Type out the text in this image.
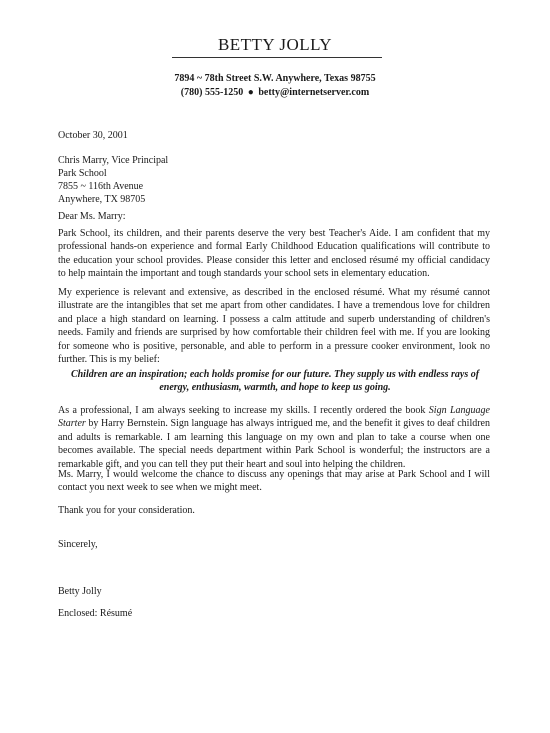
BETTY JOLLY
7894 ~ 78th Street S.W. Anywhere, Texas 98755
(780) 555-1250 ● betty@internetserver.com
October 30, 2001
Chris Marry, Vice Principal
Park School
7855 ~ 116th Avenue
Anywhere, TX 98705
Dear Ms. Marry:
Park School, its children, and their parents deserve the very best Teacher's Aide. I am confident that my professional hands-on experience and formal Early Childhood Education qualifications will contribute to the education your school provides. Please consider this letter and enclosed résumé my official candidacy to help maintain the important and tough standards your school sets in elementary education.
My experience is relevant and extensive, as described in the enclosed résumé. What my résumé cannot illustrate are the intangibles that set me apart from other candidates. I have a tremendous love for children and place a high standard on learning. I possess a calm attitude and superb understanding of children's needs. Family and friends are surprised by how comfortable their children feel with me. If you are looking for someone who is positive, personable, and able to perform in a pressure cooker environment, look no further. This is my belief:
Children are an inspiration; each holds promise for our future. They supply us with endless rays of energy, enthusiasm, warmth, and hope to keep us going.
As a professional, I am always seeking to increase my skills. I recently ordered the book Sign Language Starter by Harry Bernstein. Sign language has always intrigued me, and the benefit it gives to deaf children and adults is remarkable. I am learning this language on my own and plan to take a course when one becomes available. The special needs department within Park School is wonderful; the instructors are a remarkable gift, and you can tell they put their heart and soul into helping the children.
Ms. Marry, I would welcome the chance to discuss any openings that may arise at Park School and I will contact you next week to see when we might meet.
Thank you for your consideration.
Sincerely,
Betty Jolly
Enclosed: Résumé
